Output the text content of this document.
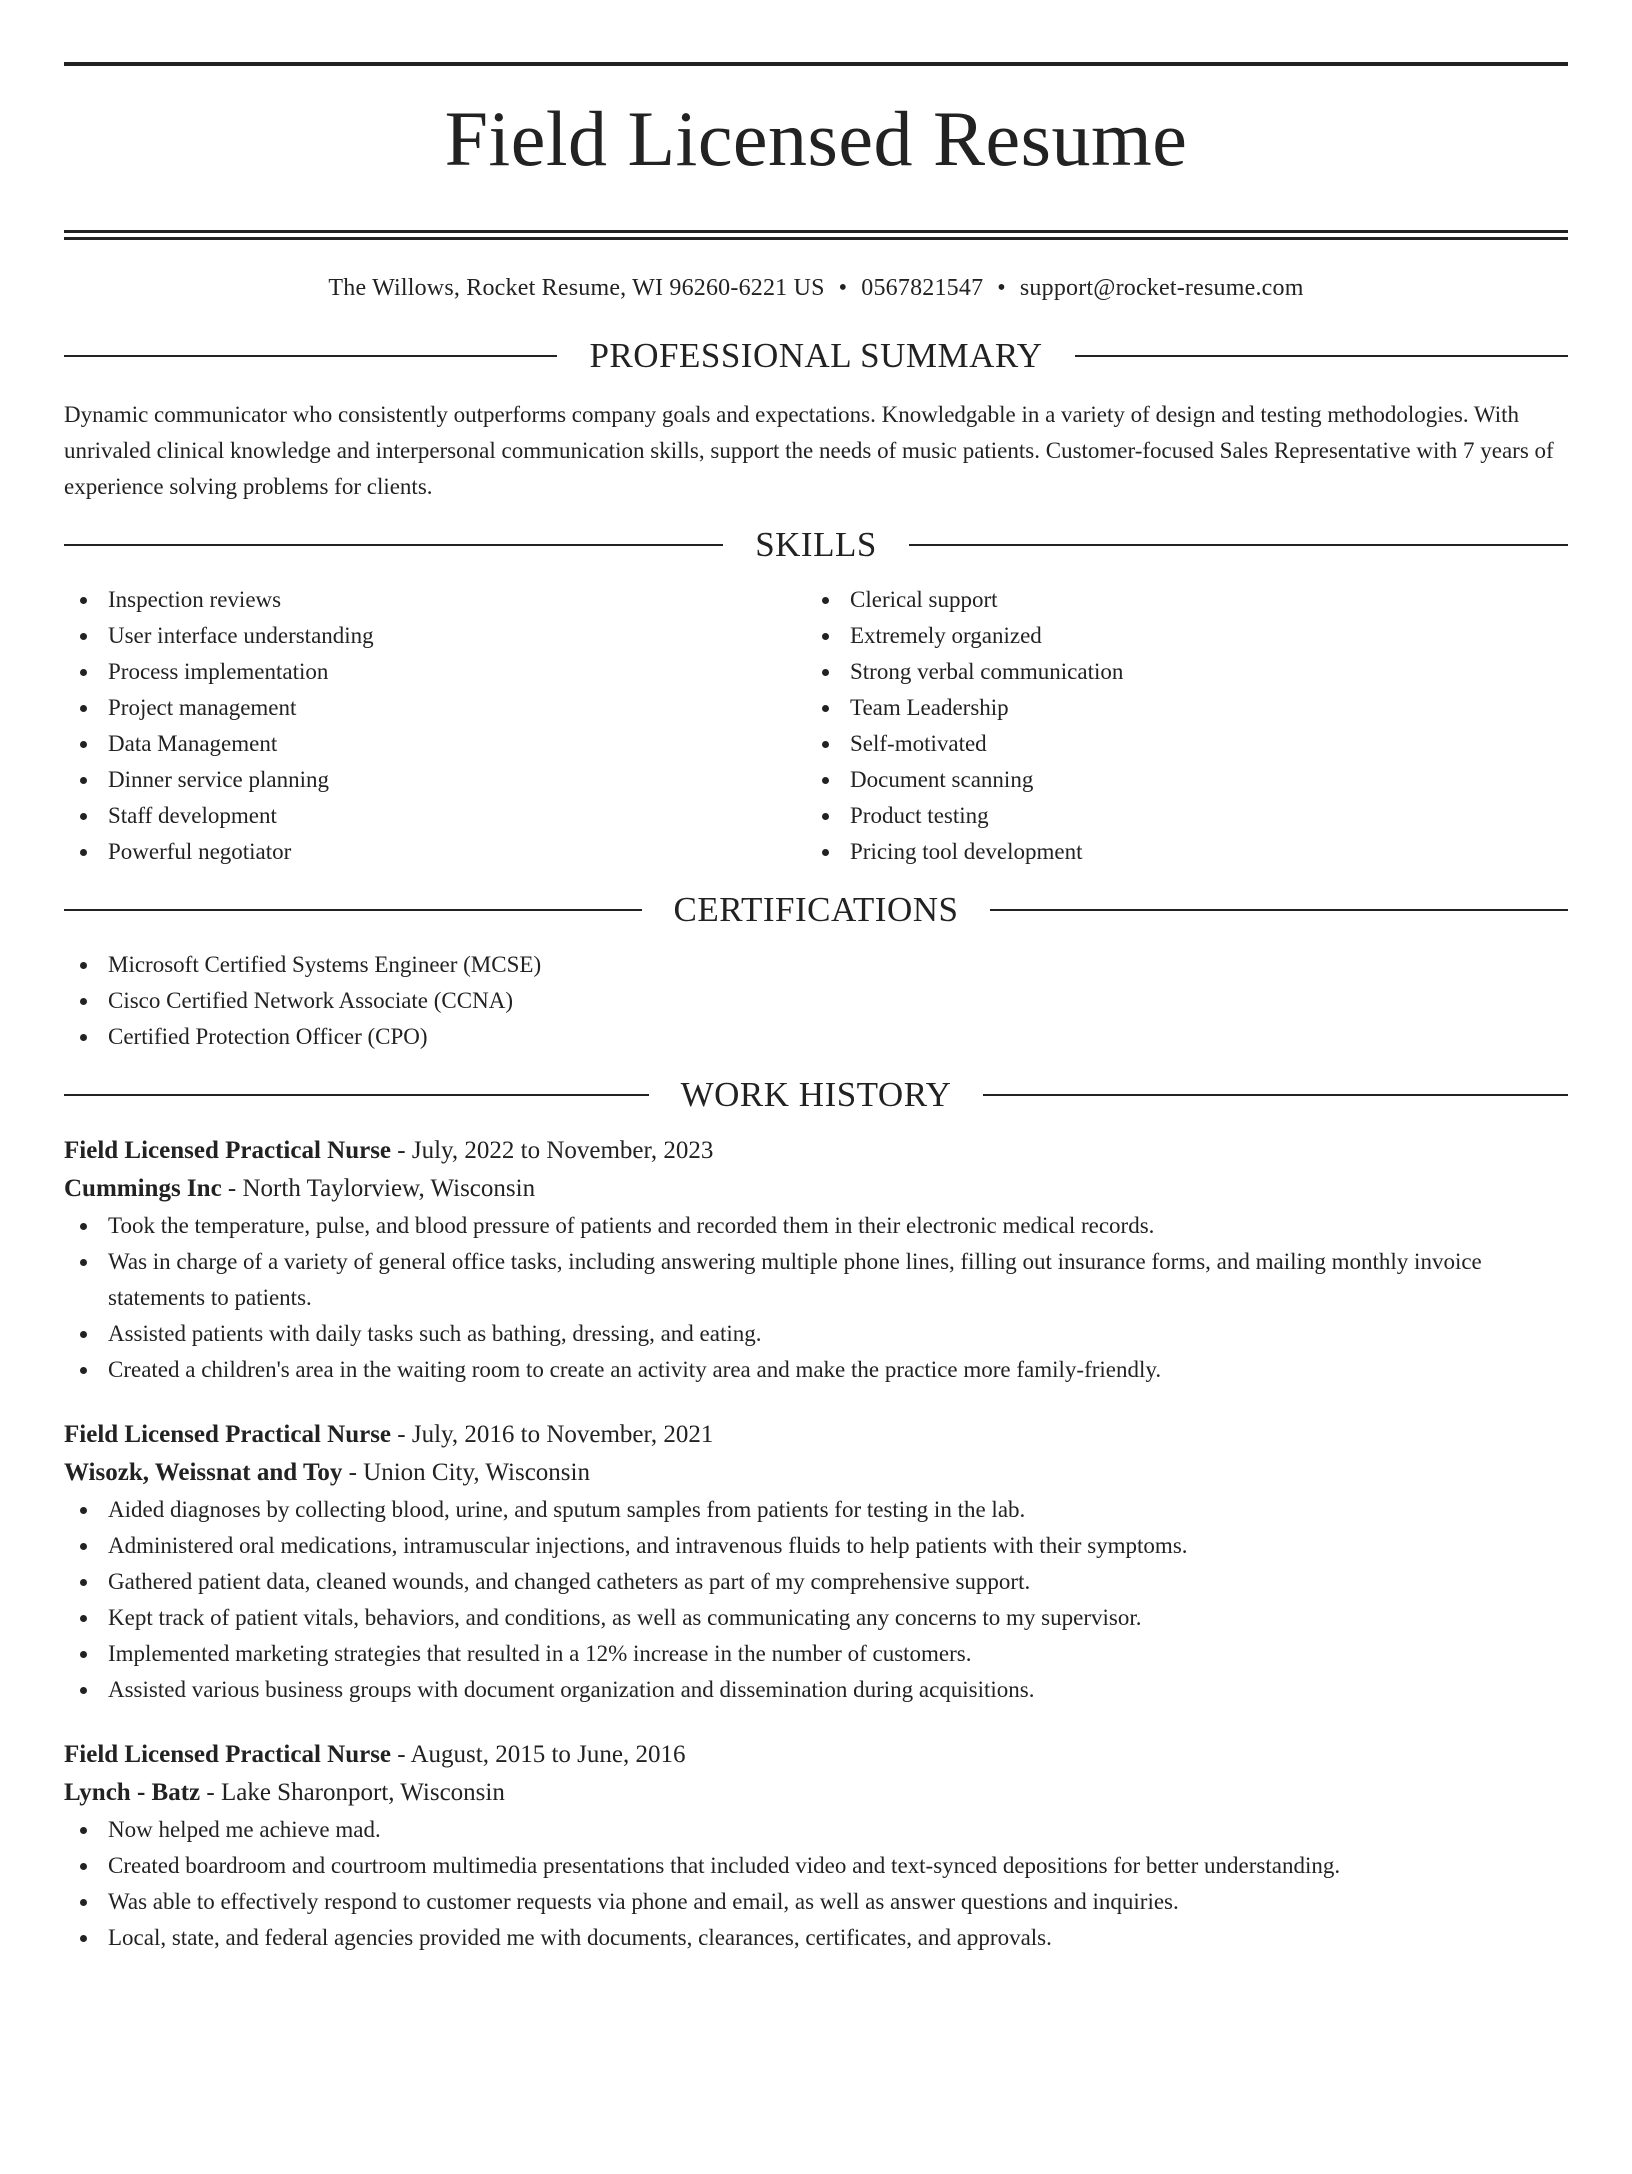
Field Licensed Resume
The Willows, Rocket Resume, WI 96260-6221 US • 0567821547 • support@rocket-resume.com
PROFESSIONAL SUMMARY

Dynamic communicator who consistently outperforms company goals and expectations. Knowledgable in a variety of design and testing methodologies. With unrivaled clinical knowledge and interpersonal communication skills, support the needs of music patients. Customer-focused Sales Representative with 7 years of experience solving problems for clients.

SKILLS
Inspection reviews
User interface understanding
Process implementation
Project management
Data Management
Dinner service planning
Staff development
Powerful negotiator
Clerical support
Extremely organized
Strong verbal communication
Team Leadership
Self-motivated
Document scanning
Product testing
Pricing tool development
CERTIFICATIONS
Microsoft Certified Systems Engineer (MCSE)
Cisco Certified Network Associate (CCNA)
Certified Protection Officer (CPO)
WORK HISTORY
Field Licensed Practical Nurse - July, 2022 to November, 2023
Cummings Inc - North Taylorview, Wisconsin
Took the temperature, pulse, and blood pressure of patients and recorded them in their electronic medical records.
Was in charge of a variety of general office tasks, including answering multiple phone lines, filling out insurance forms, and mailing monthly invoice statements to patients.
Assisted patients with daily tasks such as bathing, dressing, and eating.
Created a children's area in the waiting room to create an activity area and make the practice more family-friendly.
Field Licensed Practical Nurse - July, 2016 to November, 2021
Wisozk, Weissnat and Toy - Union City, Wisconsin
Aided diagnoses by collecting blood, urine, and sputum samples from patients for testing in the lab.
Administered oral medications, intramuscular injections, and intravenous fluids to help patients with their symptoms.
Gathered patient data, cleaned wounds, and changed catheters as part of my comprehensive support.
Kept track of patient vitals, behaviors, and conditions, as well as communicating any concerns to my supervisor.
Implemented marketing strategies that resulted in a 12% increase in the number of customers.
Assisted various business groups with document organization and dissemination during acquisitions.
Field Licensed Practical Nurse - August, 2015 to June, 2016
Lynch - Batz - Lake Sharonport, Wisconsin
Now helped me achieve mad.
Created boardroom and courtroom multimedia presentations that included video and text-synced depositions for better understanding.
Was able to effectively respond to customer requests via phone and email, as well as answer questions and inquiries.
Local, state, and federal agencies provided me with documents, clearances, certificates, and approvals.
